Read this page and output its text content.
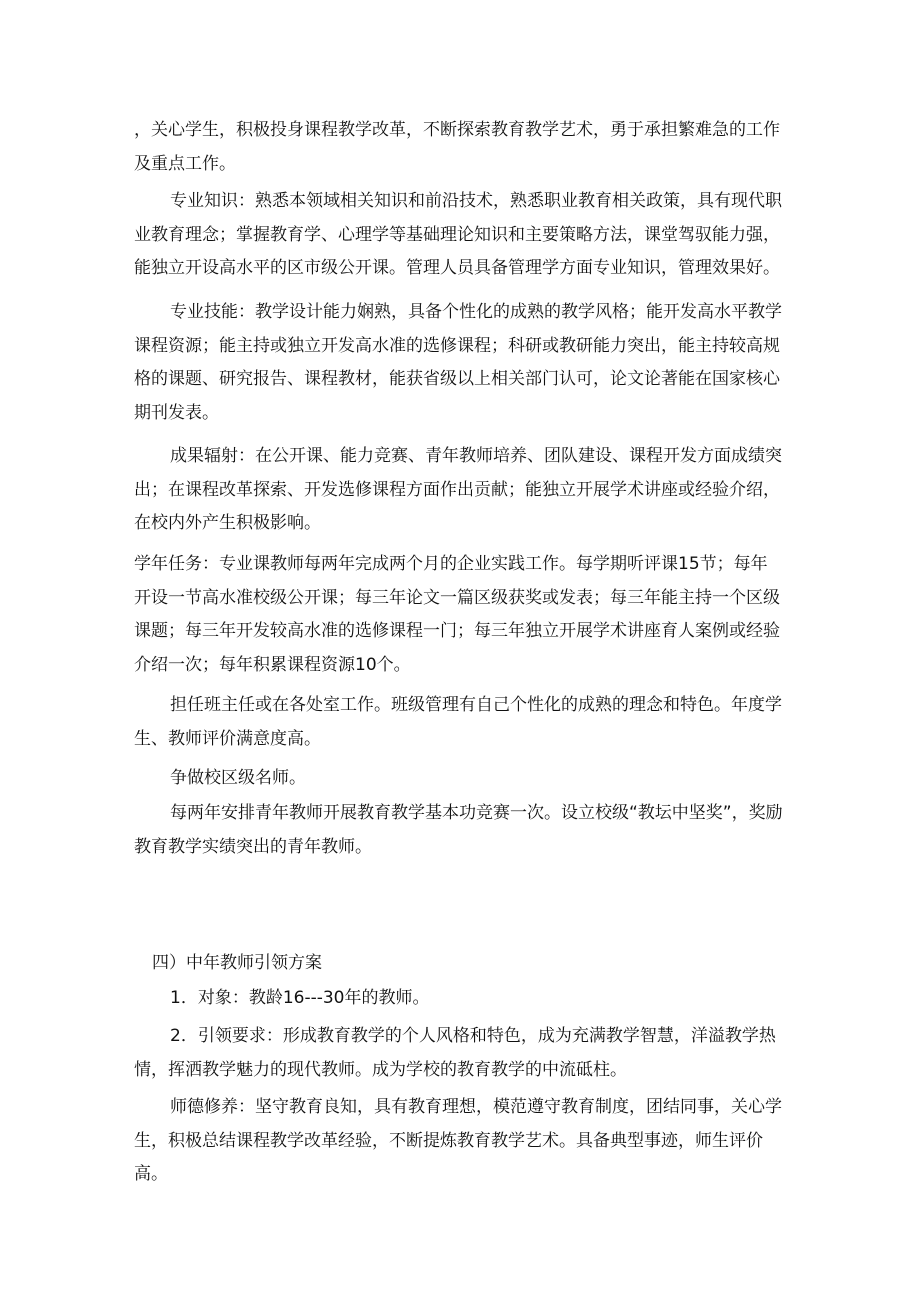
，关心学生，积极投身课程教学改革，不断探索教育教学艺术，勇于承担繁难急的工作及重点工作。

专业知识：熟悉本领域相关知识和前沿技术，熟悉职业教育相关政策，具有现代职业教育理念；掌握教育学、心理学等基础理论知识和主要策略方法，课堂驾驭能力强，能独立开设高水平的区市级公开课。管理人员具备管理学方面专业知识，管理效果好。

专业技能：教学设计能力娴熟，具备个性化的成熟的教学风格；能开发高水平教学课程资源；能主持或独立开发高水准的选修课程；科研或教研能力突出，能主持较高规格的课题、研究报告、课程教材，能获省级以上相关部门认可，论文论著能在国家核心期刊发表。

成果辐射：在公开课、能力竞赛、青年教师培养、团队建设、课程开发方面成绩突出；在课程改革探索、开发选修课程方面作出贡献；能独立开展学术讲座或经验介绍，在校内外产生积极影响。

学年任务：专业课教师每两年完成两个月的企业实践工作。每学期听评课15节；每年开设一节高水准校级公开课；每三年论文一篇区级获奖或发表；每三年能主持一个区级课题；每三年开发较高水准的选修课程一门；每三年独立开展学术讲座育人案例或经验介绍一次；每年积累课程资源10个。

担任班主任或在各处室工作。班级管理有自己个性化的成熟的理念和特色。年度学生、教师评价满意度高。

争做校区级名师。

每两年安排青年教师开展教育教学基本功竞赛一次。设立校级“教坛中坚奖”，奖励教育教学实绩突出的青年教师。

四）中年教师引领方案

1．对象：教龄16---30年的教师。

2．引领要求：形成教育教学的个人风格和特色，成为充满教学智慧，洋溢教学热情，挥洒教学魅力的现代教师。成为学校的教育教学的中流砥柱。

师德修养：坚守教育良知，具有教育理想，模范遵守教育制度，团结同事，关心学生，积极总结课程教学改革经验，不断提炼教育教学艺术。具备典型事迹，师生评价高。
